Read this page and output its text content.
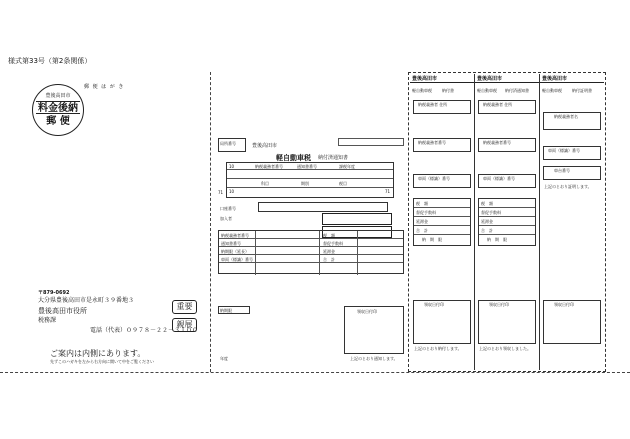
様式第33号（第2条関係）
郵 便 は が き
豊後高田市
料金後納
郵 便
〒879-0692
大分県豊後高田市是永町３９番地３
豊後高田市役所
税務課
電話（代表）０９７８－２２－３１００
重要
親展
ご案内は内側にあります。
先ずこのハガキを左から右方向に開いて中をご覧ください
局所番号	豊後高田市
軽自動車税 納付済通知書
10	納税義務者番号	通知書番号	課税年度
10
科目	期別	税目
71
71
口座番号
加入者
納税義務者番号
通知書番号
納期限（延長）
車両（標識）番号
税　額
督促手数料
延滞金
合　計
領収日付印
納期限
上記のとおり通知します。
年度
豊後高田市
軽自動車税	納付書
納税義務者 住所
納税義務者番号
車両（標識）番号
税　額
督促手数料
延滞金
合　計
納　期　限
領収日付印
上記のとおり納付します。
豊後高田市
軽自動車税 納付済通知書
納税義務者 住所
納税義務者番号
車両（標識）番号
税　額
督促手数料
延滞金
合　計
納　期　限
領収日付印
上記のとおり領収しました。
豊後高田市
軽自動車税	納付証明書
納税義務者名
車両（標識）番号
車台番号
上記のとおり証明します。
領収日付印
